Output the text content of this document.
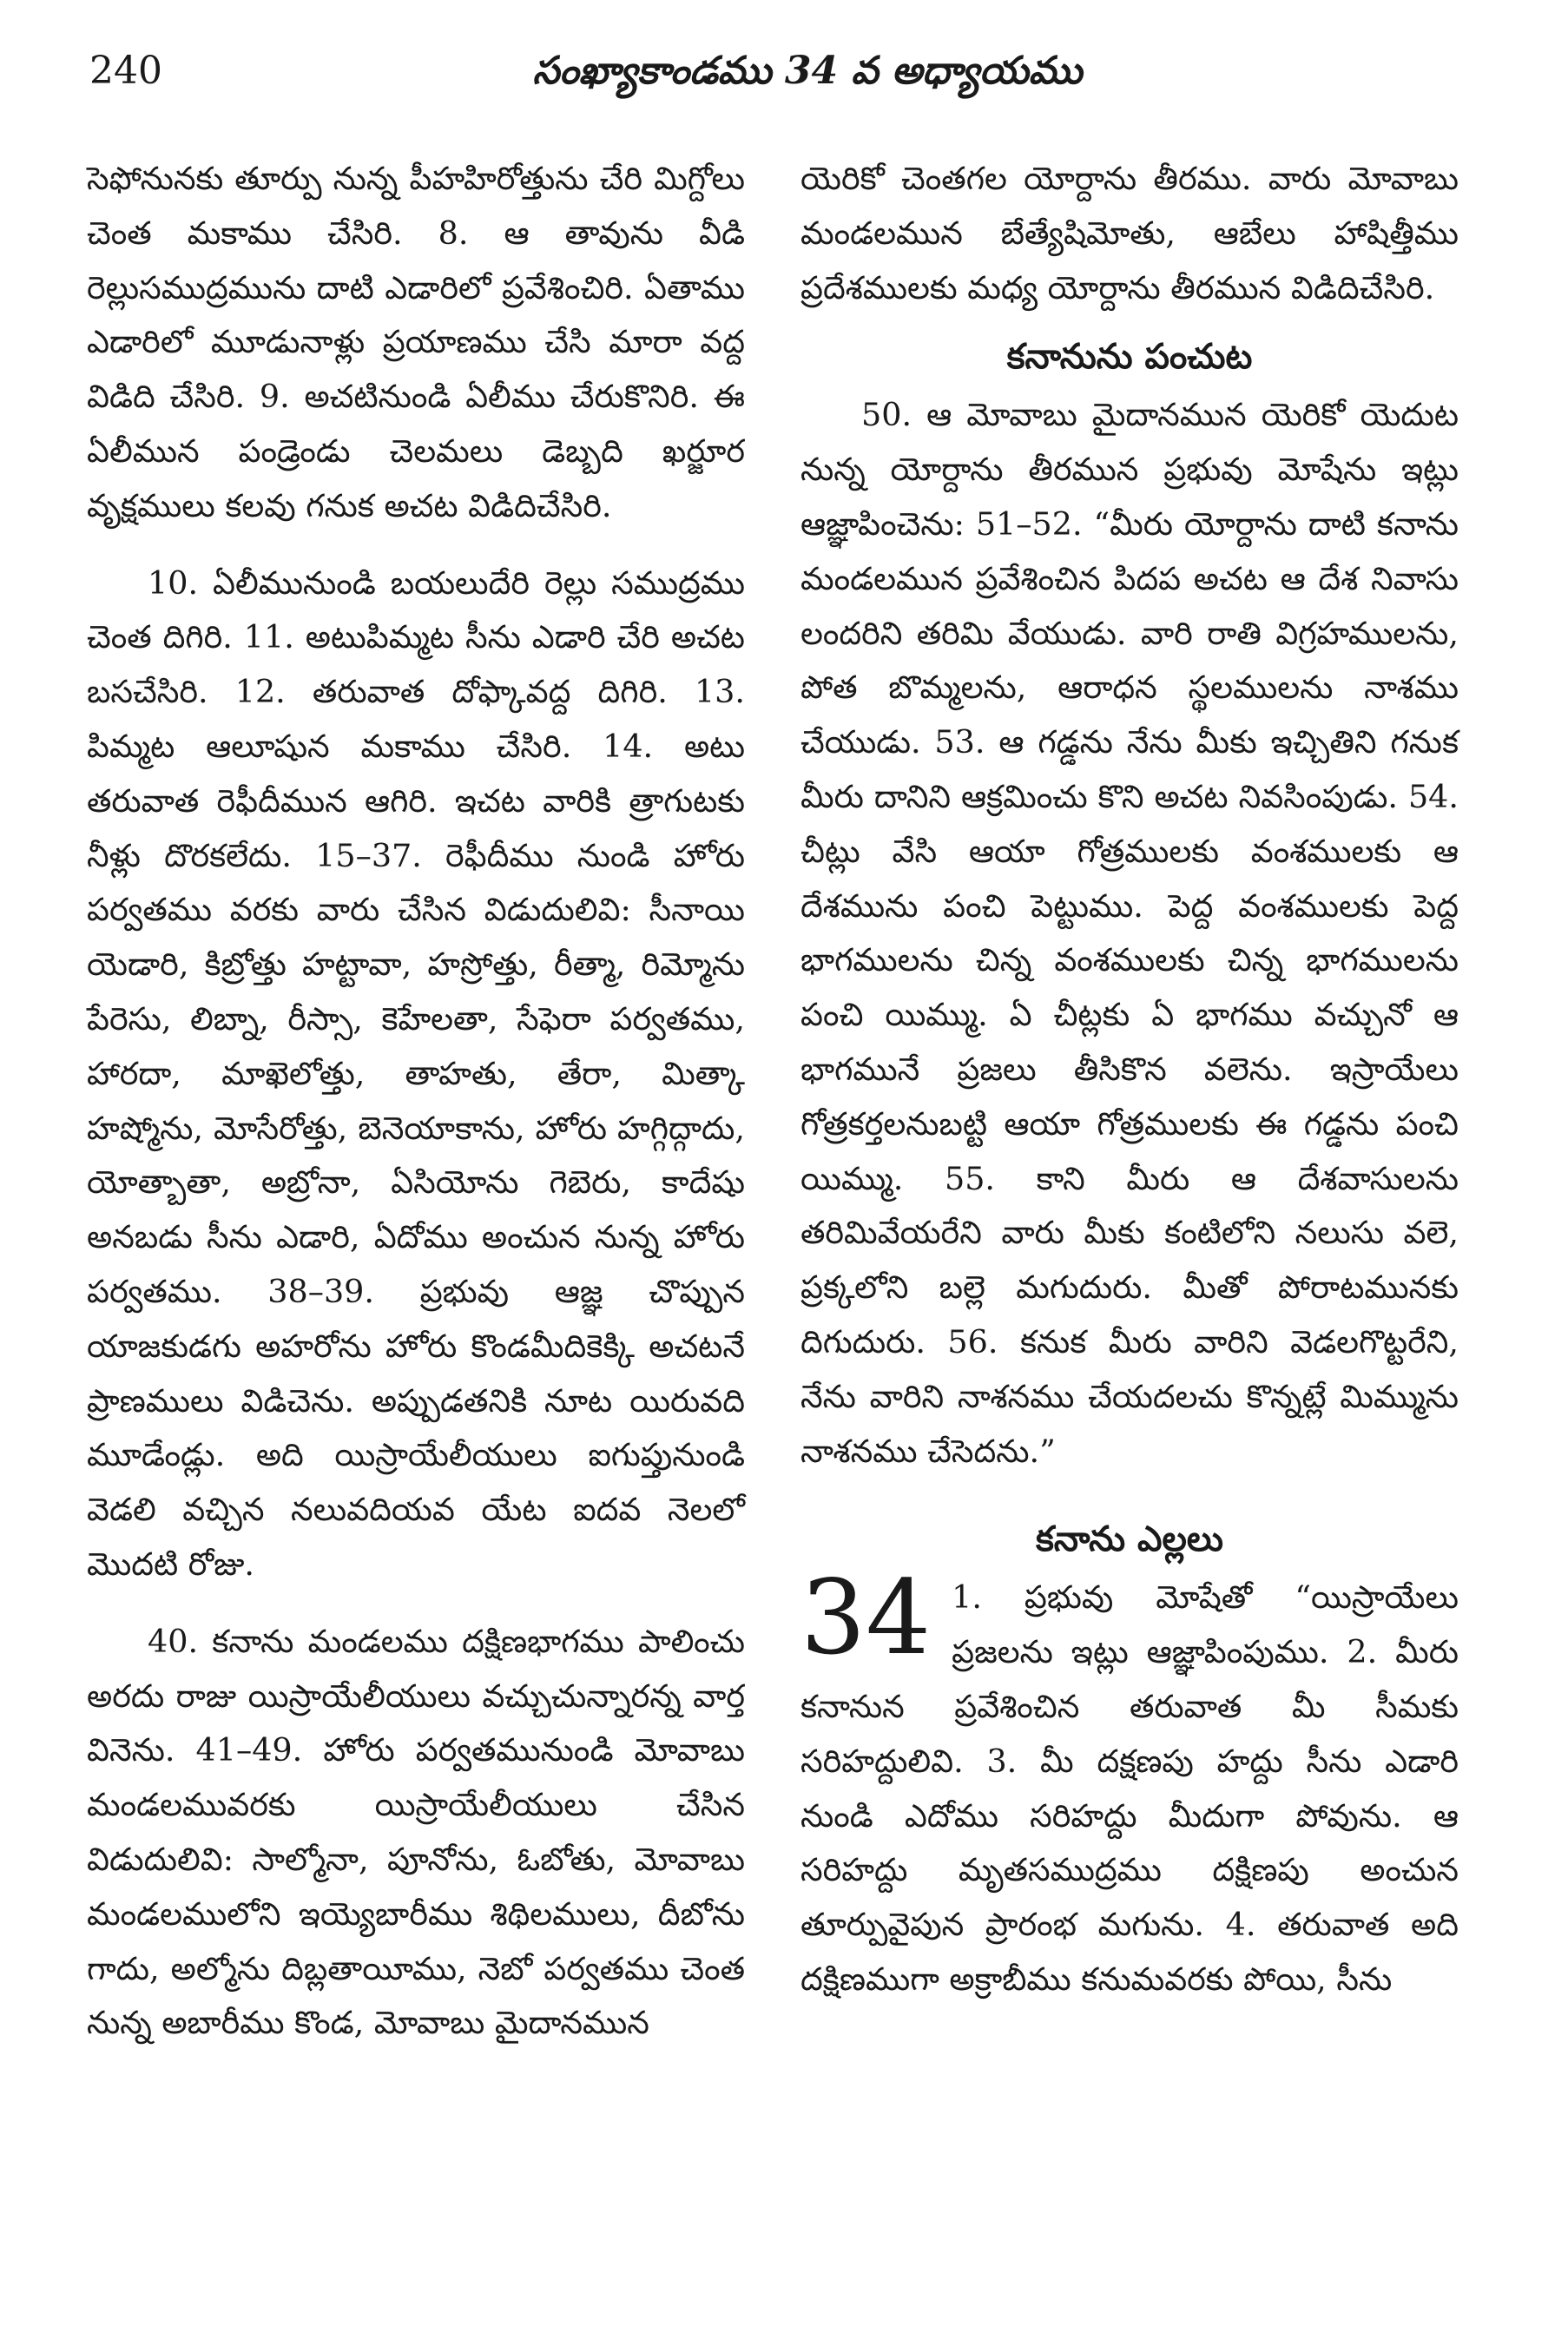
240	సంఖ్యాకాండము 34 వ అధ్యాయము

సెఫోనునకు తూర్పు నున్న పీహహిరోత్తును చేరి మిగ్దోలు చెంత మకాము చేసిరి. 8. ఆ తావును వీడి రెల్లుసముద్రమును దాటి ఎడారిలో ప్రవేశించిరి. ఏతాము ఎడారిలో మూడునాళ్లు ప్రయాణము చేసి మారా వద్ద విడిది చేసిరి. 9. అచటినుండి ఏలీము చేరుకొనిరి. ఈ ఏలీమున పండ్రెండు చెలమలు డెబ్బది ఖర్జూర వృక్షములు కలవు గనుక అచట విడిదిచేసిరి.

10. ఏలీమునుండి బయలుదేరి రెల్లు సముద్రము చెంత దిగిరి. 11. అటుపిమ్మట సీను ఎడారి చేరి అచట బసచేసిరి. 12. తరువాత దోఫ్కావద్ద దిగిరి. 13. పిమ్మట ఆలూషున మకాము చేసిరి. 14. అటు తరువాత రెఫీదీమున ఆగిరి. ఇచట వారికి త్రాగుటకు నీళ్లు దొరకలేదు. 15–37. రెఫీదీము నుండి హోరు పర్వతము వరకు వారు చేసిన విడుదులివి: సీనాయి యెడారి, కిబ్రోత్తు హట్టావా, హస్రోత్తు, రీత్మా, రిమ్మోను పేరెసు, లిబ్నా, రీస్సా, కెహేలతా, సేఫెరా పర్వతము, హారదా, మాఖెలోత్తు, తాహతు, తేరా, మిత్కా హష్మోను, మోసేరోత్తు, బెనెయాకాను, హోరు హగ్గిద్గాదు, యోత్బాతా, అబ్రోనా, ఏసియోను గెబెరు, కాదేషు అనబడు సీను ఎడారి, ఏదోము అంచున నున్న హోరు పర్వతము. 38–39. ప్రభువు ఆజ్ఞ చొప్పున యాజకుడగు అహరోను హోరు కొండమీదికెక్కి అచటనే ప్రాణములు విడిచెను. అప్పుడతనికి నూట యిరువది మూడేండ్లు. అది యిస్రాయేలీయులు ఐగుప్తునుండి వెడలి వచ్చిన నలువదియవ యేట ఐదవ నెలలో మొదటి రోజు.

40. కనాను మండలము దక్షిణభాగము పాలించు అరదు రాజు యిస్రాయేలీయులు వచ్చుచున్నారన్న వార్త వినెను. 41–49. హోరు పర్వతమునుండి మోవాబు మండలమువరకు యిస్రాయేలీయులు చేసిన విడుదులివి: సాల్మోనా, పూనోను, ఓబోతు, మోవాబు మండలములోని ఇయ్యెబారీము శిథిలములు, దీబోను గాదు, అల్మోను దిబ్లతాయీము, నెబో పర్వతము చెంత నున్న అబారీము కొండ, మోవాబు మైదానమున

యెరికో చెంతగల యోర్దాను తీరము. వారు మోవాబు మండలమున బేత్యేషిమోతు, ఆబేలు హాషిత్తీము ప్రదేశములకు మధ్య యోర్దాను తీరమున విడిదిచేసిరి.

కనానును పంచుట

50. ఆ మోవాబు మైదానమున యెరికో యెదుట నున్న యోర్దాను తీరమున ప్రభువు మోషేను ఇట్లు ఆజ్ఞాపించెను: 51–52. “మీరు యోర్దాను దాటి కనాను మండలమున ప్రవేశించిన పిదప అచట ఆ దేశ నివాసు లందరిని తరిమి వేయుడు. వారి రాతి విగ్రహములను, పోత బొమ్మలను, ఆరాధన స్థలములను నాశము చేయుడు. 53. ఆ గడ్డను నేను మీకు ఇచ్చితిని గనుక మీరు దానిని ఆక్రమించు కొని అచట నివసింపుడు. 54. చీట్లు వేసి ఆయా గోత్రములకు వంశములకు ఆ దేశమును పంచి పెట్టుము. పెద్ద వంశములకు పెద్ద భాగములను చిన్న వంశములకు చిన్న భాగములను పంచి యిమ్ము. ఏ చీట్లకు ఏ భాగము వచ్చునో ఆ భాగమునే ప్రజలు తీసికొన వలెను. ఇస్రాయేలు గోత్రకర్తలనుబట్టి ఆయా గోత్రములకు ఈ గడ్డను పంచి యిమ్ము. 55. కాని మీరు ఆ దేశవాసులను తరిమివేయరేని వారు మీకు కంటిలోని నలుసు వలె, ప్రక్కలోని బల్లె మగుదురు. మీతో పోరాటమునకు దిగుదురు. 56. కనుక మీరు వారిని వెడలగొట్టరేని, నేను వారిని నాశనము చేయదలచు కొన్నట్లే మిమ్మును నాశనము చేసెదను.”

కనాను ఎల్లలు

34 1. ప్రభువు మోషేతో “యిస్రాయేలు ప్రజలను ఇట్లు ఆజ్ఞాపింపుము. 2. మీరు కనానున ప్రవేశించిన తరువాత మీ సీమకు సరిహద్దులివి. 3. మీ దక్షణపు హద్దు సీను ఎడారి నుండి ఎదోము సరిహద్దు మీదుగా పోవును. ఆ సరిహద్దు మృతసముద్రము దక్షిణపు అంచున తూర్పువైపున ప్రారంభ మగును. 4. తరువాత అది దక్షిణముగా అక్రాబీము కనుమవరకు పోయి, సీను
